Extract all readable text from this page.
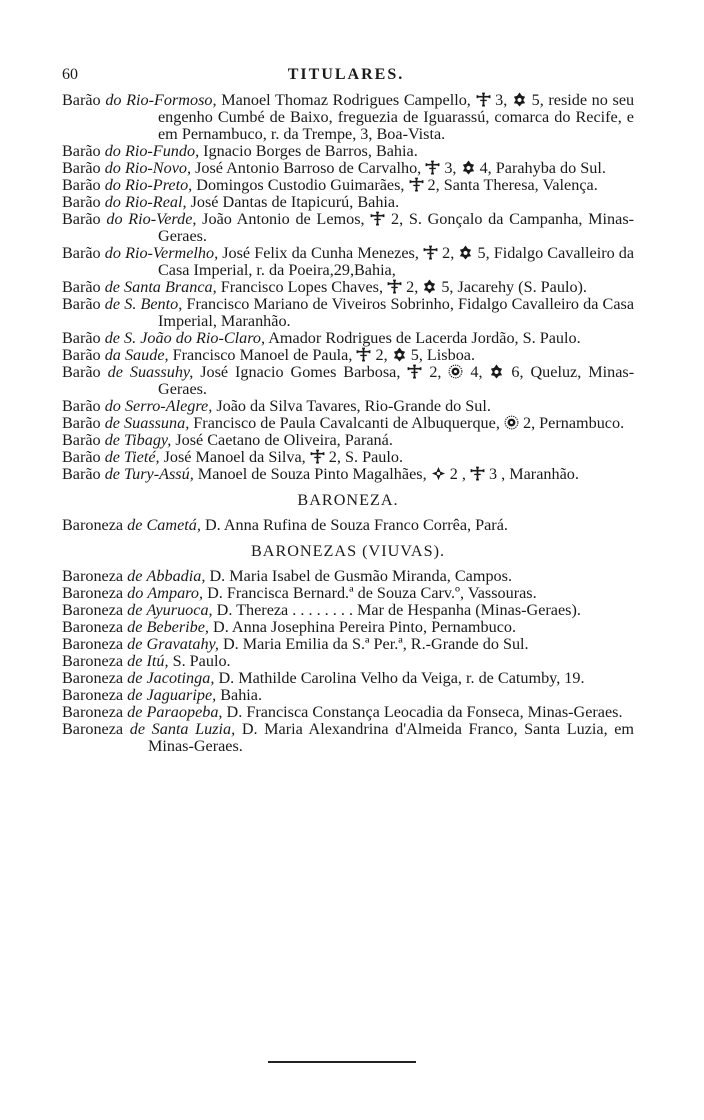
60	TITULARES.
Barão do Rio-Formoso, Manoel Thomaz Rodrigues Campello, 3, 5, reside no seu engenho Cumbé de Baixo, freguezia de Iguarassú, comarca do Recife, e em Pernambuco, r. da Trempe, 3, Boa-Vista.
Barão do Rio-Fundo, Ignacio Borges de Barros, Bahia.
Barão do Rio-Novo, José Antonio Barroso de Carvalho, 3, 4, Parahyba do Sul.
Barão do Rio-Preto, Domingos Custodio Guimarães, 2, Santa Theresa, Valença.
Barão do Rio-Real, José Dantas de Itapicurú, Bahia.
Barão do Rio-Verde, João Antonio de Lemos, 2, S. Gonçalo da Campanha, Minas-Geraes.
Barão do Rio-Vermelho, José Felix da Cunha Menezes, 2, 5, Fidalgo Cavalleiro da Casa Imperial, r. da Poeira,29,Bahia,
Barão de Santa Branca, Francisco Lopes Chaves, 2, 5, Jacarehy (S. Paulo).
Barão de S. Bento, Francisco Mariano de Viveiros Sobrinho, Fidalgo Cavalleiro da Casa Imperial, Maranhão.
Barão de S. João do Rio-Claro, Amador Rodrigues de Lacerda Jordão, S. Paulo.
Barão da Saude, Francisco Manoel de Paula, 2, 5, Lisboa.
Barão de Suassuhy, José Ignacio Gomes Barbosa, 2, 4, 6, Queluz, Minas-Geraes.
Barão do Serro-Alegre, João da Silva Tavares, Rio-Grande do Sul.
Barão de Suassuna, Francisco de Paula Cavalcanti de Albuquerque, 2, Pernambuco.
Barão de Tibagy, José Caetano de Oliveira, Paraná.
Barão de Tieté, José Manoel da Silva, 2, S. Paulo.
Barão de Tury-Assú, Manoel de Souza Pinto Magalhães, 2 , 3 , Maranhão.
BARONEZA.
Baroneza de Cametá, D. Anna Rufina de Souza Franco Corrêa, Pará.
BARONEZAS (VIUVAS).
Baroneza de Abbadia, D. Maria Isabel de Gusmão Miranda, Campos.
Baroneza do Amparo, D. Francisca Bernard.ª de Souza Carv.º, Vassouras.
Baroneza de Ayuruoca, D. Thereza . . . . . . . . Mar de Hespanha (Minas-Geraes).
Baroneza de Beberibe, D. Anna Josephina Pereira Pinto, Pernambuco.
Baroneza de Gravatahy, D. Maria Emilia da S.ª Per.ª, R.-Grande do Sul.
Baroneza de Itú, S. Paulo.
Baroneza de Jacotinga, D. Mathilde Carolina Velho da Veiga, r. de Catumby, 19.
Baroneza de Jaguaripe, Bahia.
Baroneza de Paraopeba, D. Francisca Constança Leocadia da Fonseca, Minas-Geraes.
Baroneza de Santa Luzia, D. Maria Alexandrina d'Almeida Franco, Santa Luzia, em Minas-Geraes.
